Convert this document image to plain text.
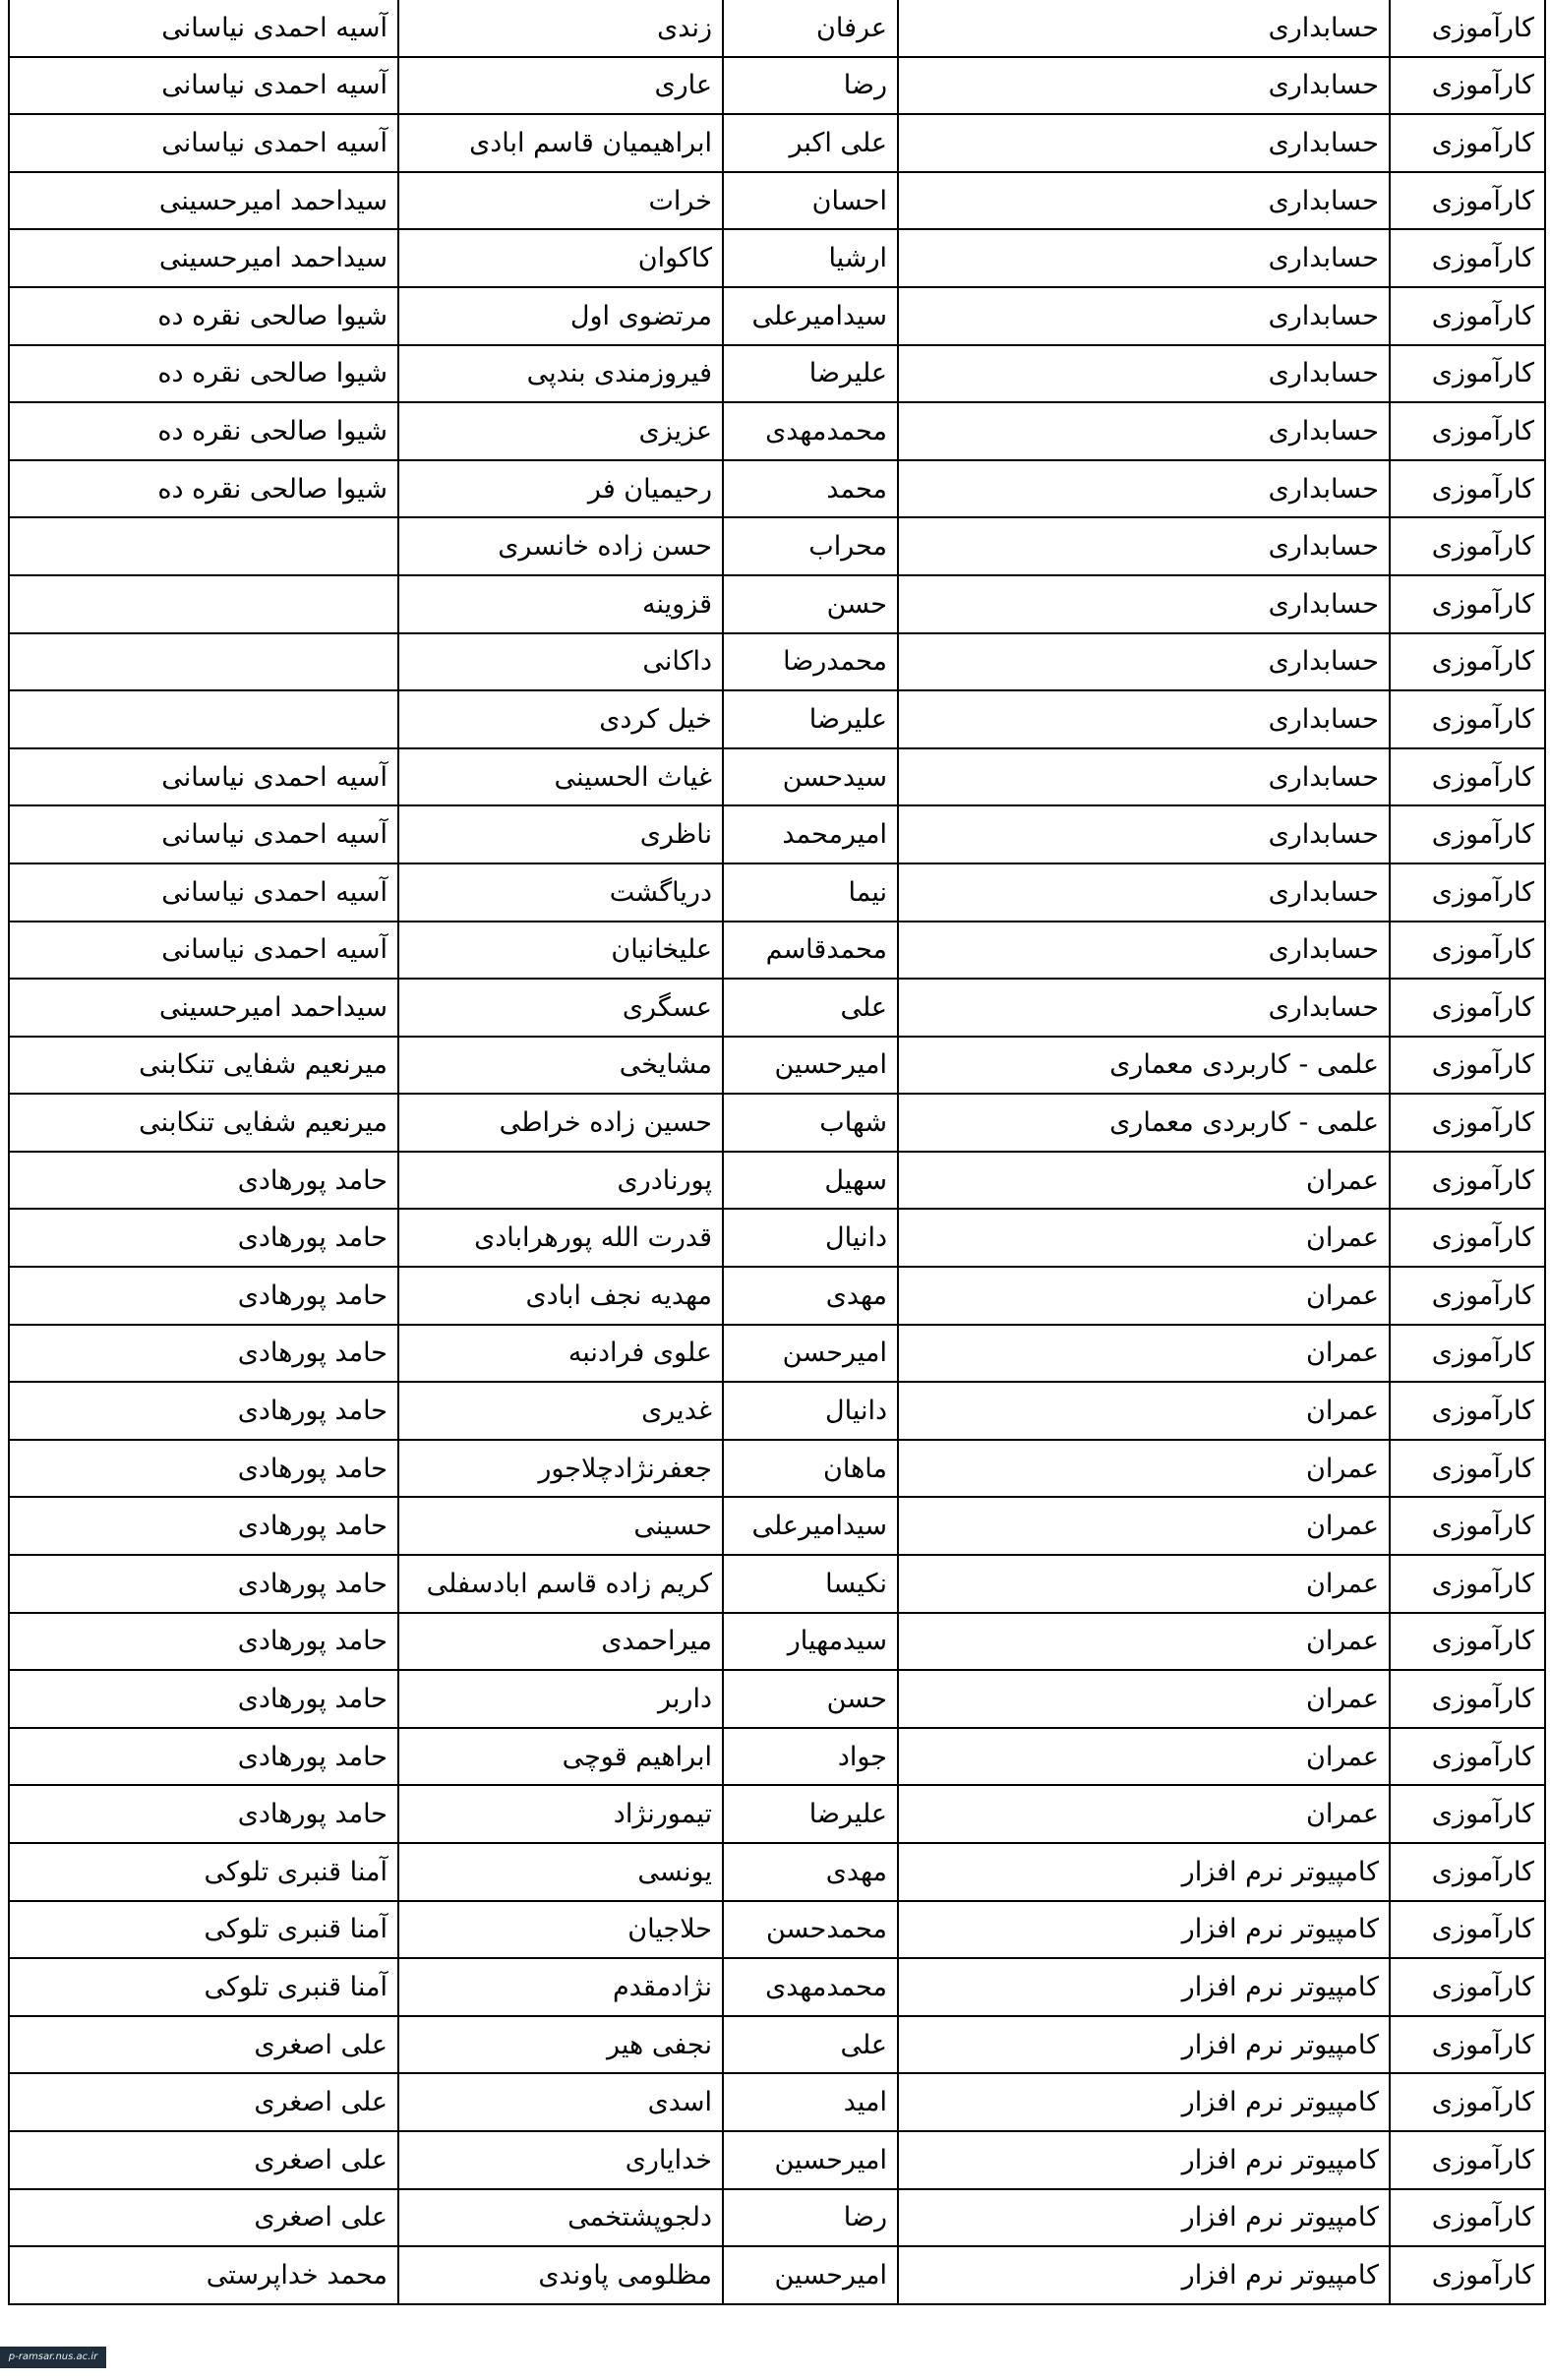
کارآموزی	حسابداری	عرفان	زندی	آسیه احمدی نیاسانی
کارآموزی	حسابداری	رضا	عاری	آسیه احمدی نیاسانی
کارآموزی	حسابداری	علی اکبر	ابراهیمیان قاسم ابادی	آسیه احمدی نیاسانی
کارآموزی	حسابداری	احسان	خرات	سیداحمد امیرحسینی
کارآموزی	حسابداری	ارشیا	کاکوان	سیداحمد امیرحسینی
کارآموزی	حسابداری	سیدامیرعلی	مرتضوی اول	شیوا صالحی نقره ده
کارآموزی	حسابداری	علیرضا	فیروزمندی بندپی	شیوا صالحی نقره ده
کارآموزی	حسابداری	محمدمهدی	عزیزی	شیوا صالحی نقره ده
کارآموزی	حسابداری	محمد	رحیمیان فر	شیوا صالحی نقره ده
کارآموزی	حسابداری	محراب	حسن زاده خانسری	
کارآموزی	حسابداری	حسن	قزوینه	
کارآموزی	حسابداری	محمدرضا	داکانی	
کارآموزی	حسابداری	علیرضا	خیل کردی	
کارآموزی	حسابداری	سیدحسن	غیاث الحسینی	آسیه احمدی نیاسانی
کارآموزی	حسابداری	امیرمحمد	ناظری	آسیه احمدی نیاسانی
کارآموزی	حسابداری	نیما	دریاگشت	آسیه احمدی نیاسانی
کارآموزی	حسابداری	محمدقاسم	علیخانیان	آسیه احمدی نیاسانی
کارآموزی	حسابداری	علی	عسگری	سیداحمد امیرحسینی
کارآموزی	علمی - کاربردی معماری	امیرحسین	مشایخی	میرنعیم شفایی تنکابنی
کارآموزی	علمی - کاربردی معماری	شهاب	حسین زاده خراطی	میرنعیم شفایی تنکابنی
کارآموزی	عمران	سهیل	پورنادری	حامد پورهادی
کارآموزی	عمران	دانیال	قدرت الله پورهرابادی	حامد پورهادی
کارآموزی	عمران	مهدی	مهدیه نجف ابادی	حامد پورهادی
کارآموزی	عمران	امیرحسن	علوی فرادنبه	حامد پورهادی
کارآموزی	عمران	دانیال	غدیری	حامد پورهادی
کارآموزی	عمران	ماهان	جعفرنژادچلاجور	حامد پورهادی
کارآموزی	عمران	سیدامیرعلی	حسینی	حامد پورهادی
کارآموزی	عمران	نکیسا	کریم زاده قاسم ابادسفلی	حامد پورهادی
کارآموزی	عمران	سیدمهیار	میراحمدی	حامد پورهادی
کارآموزی	عمران	حسن	داربر	حامد پورهادی
کارآموزی	عمران	جواد	ابراهیم قوچی	حامد پورهادی
کارآموزی	عمران	علیرضا	تیمورنژاد	حامد پورهادی
کارآموزی	کامپیوتر نرم افزار	مهدی	یونسی	آمنا قنبری تلوکی
کارآموزی	کامپیوتر نرم افزار	محمدحسن	حلاجیان	آمنا قنبری تلوکی
کارآموزی	کامپیوتر نرم افزار	محمدمهدی	نژادمقدم	آمنا قنبری تلوکی
کارآموزی	کامپیوتر نرم افزار	علی	نجفی هیر	علی اصغری
کارآموزی	کامپیوتر نرم افزار	امید	اسدی	علی اصغری
کارآموزی	کامپیوتر نرم افزار	امیرحسین	خدایاری	علی اصغری
کارآموزی	کامپیوتر نرم افزار	رضا	دلجوپشتخمی	علی اصغری
کارآموزی	کامپیوتر نرم افزار	امیرحسین	مظلومی پاوندی	محمد خداپرستی
p-ramsar.nus.ac.ir
